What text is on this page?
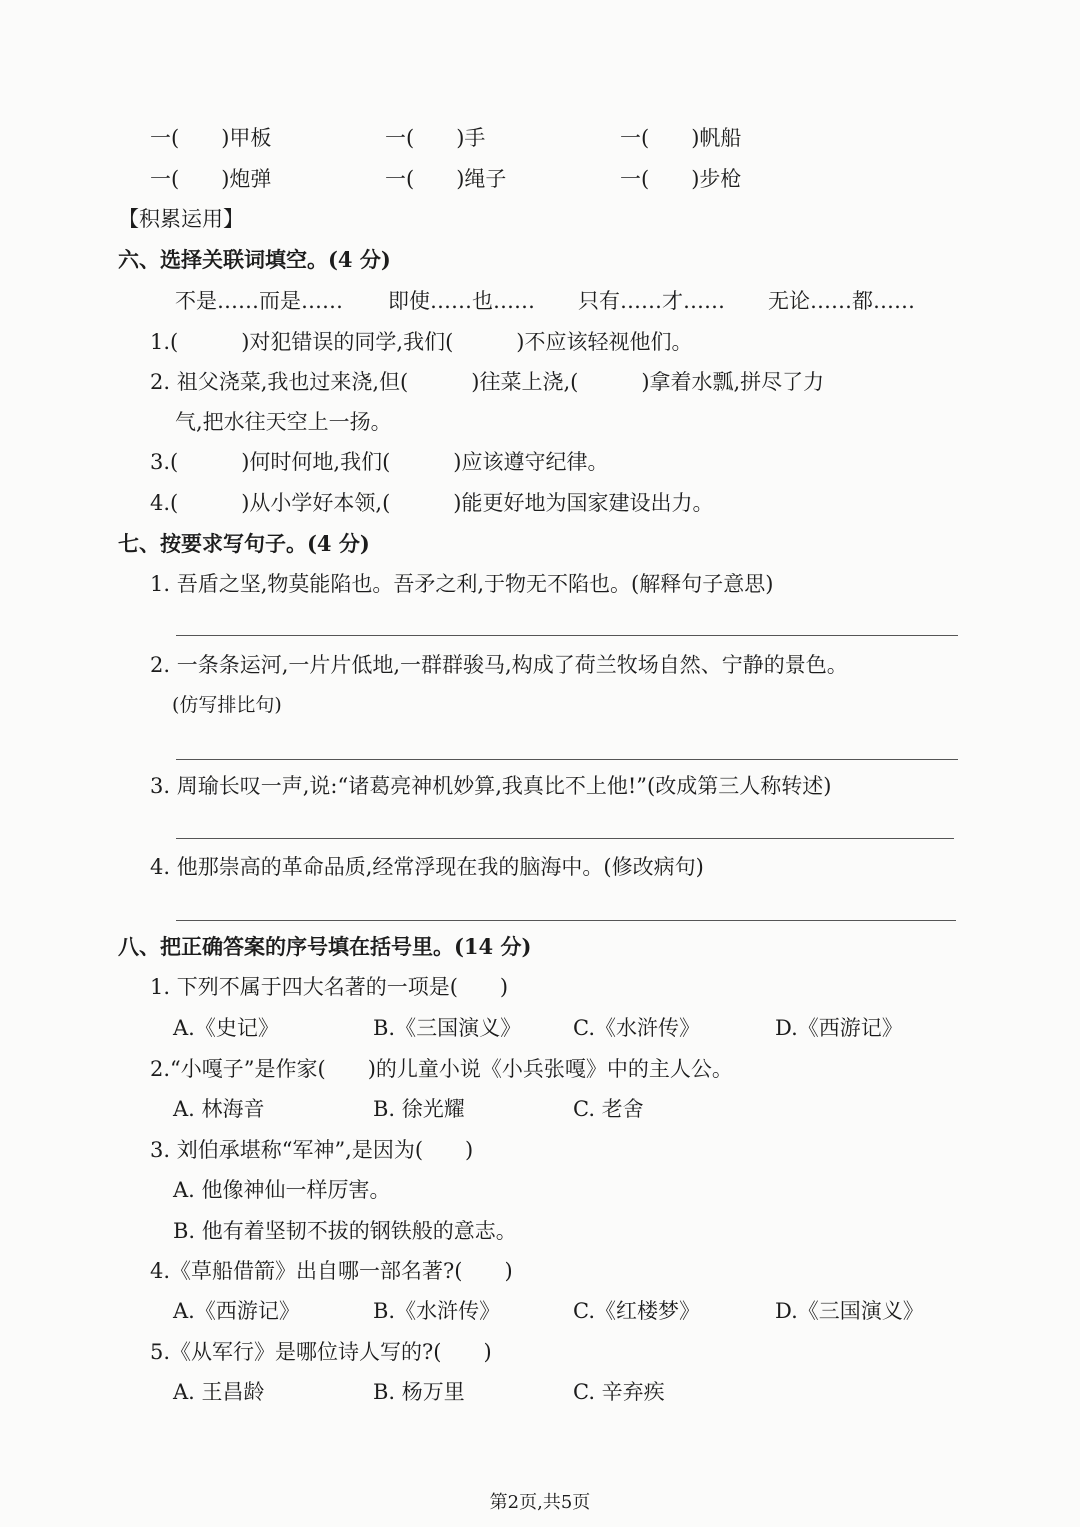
一(　　)甲板	一(　　)手	一(　　)帆船
一(　　)炮弹	一(　　)绳子	一(　　)步枪
【积累运用】
六、选择关联词填空。(4 分)
不是……而是…… 即使……也…… 只有……才…… 无论……都……
1.(　　　)对犯错误的同学,我们(　　　)不应该轻视他们。
2. 祖父浇菜,我也过来浇,但(　　　)往菜上浇,(　　　)拿着水瓢,拼尽了力
气,把水往天空上一扬。
3.(　　　)何时何地,我们(　　　)应该遵守纪律。
4.(　　　)从小学好本领,(　　　)能更好地为国家建设出力。
七、按要求写句子。(4 分)
1. 吾盾之坚,物莫能陷也。吾矛之利,于物无不陷也。(解释句子意思)
2. 一条条运河,一片片低地,一群群骏马,构成了荷兰牧场自然、宁静的景色。
(仿写排比句)
3. 周瑜长叹一声,说:“诸葛亮神机妙算,我真比不上他!”(改成第三人称转述)
4. 他那崇高的革命品质,经常浮现在我的脑海中。(修改病句)
八、把正确答案的序号填在括号里。(14 分)
1. 下列不属于四大名著的一项是(　　)
A.《史记》	B.《三国演义》 C.《水浒传》	D.《西游记》
2.“小嘎子”是作家(　　)的儿童小说《小兵张嘎》中的主人公。
A. 林海音	B. 徐光耀	C. 老舍
3. 刘伯承堪称“军神”,是因为(　　)
A. 他像神仙一样厉害。
B. 他有着坚韧不拔的钢铁般的意志。
4.《草船借箭》出自哪一部名著?(　　)
A.《西游记》	B.《水浒传》	C.《红楼梦》	D.《三国演义》
5.《从军行》是哪位诗人写的?(　　)
A. 王昌龄	B. 杨万里	C. 辛弃疾
第2页,共5页
